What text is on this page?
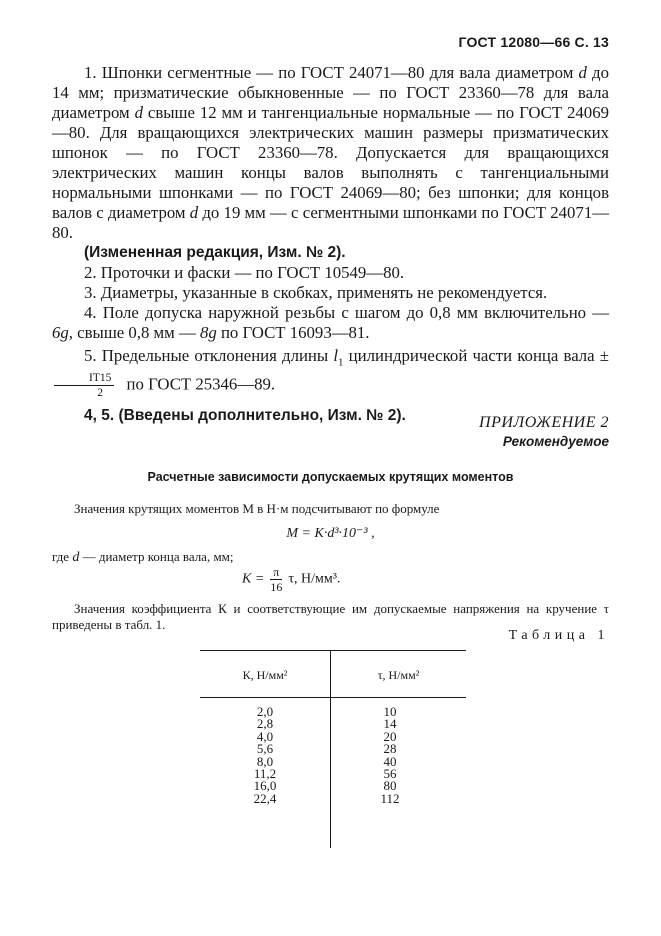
ГОСТ 12080—66 С. 13

1. Шпонки сегментные — по ГОСТ 24071—80 для вала диаметром d до 14 мм; призматические обыкновенные — по ГОСТ 23360—78 для вала диаметром d свыше 12 мм и тангенциальные нормальные — по ГОСТ 24069—80. Для вращающихся электрических машин размеры призматических шпонок — по ГОСТ 23360—78. Допускается для вращающихся электрических машин концы валов выполнять с тангенциальными нормальными шпонками — по ГОСТ 24069—80; без шпонки; для концов валов с диаметром d до 19 мм — с сегментными шпонками по ГОСТ 24071—80.

(Измененная редакция, Изм. № 2).

2. Проточки и фаски — по ГОСТ 10549—80.

3. Диаметры, указанные в скобках, применять не рекомендуется.

4. Поле допуска наружной резьбы с шагом до 0,8 мм включительно — 6g, свыше 0,8 мм — 8g по ГОСТ 16093—81.

5. Предельные отклонения длины $l_1$ цилиндрической части конца вала ±
$\frac{IT15}{2}$ по ГОСТ 25346—89.

4, 5. (Введены дополнительно, Изм. № 2).	ПРИЛОЖЕНИЕ 2
Рекомендуемое
Расчетные зависимости допускаемых крутящих моментов
Значения крутящих моментов М в Н·м подсчитывают по формуле
M = K·d³·10⁻³ ,
где d — диаметр конца вала, мм;
$K = \frac{\pi}{16} \tau$, Н/мм³.
Значения коэффициента К и соответствующие им допускаемые напряжения на кручение τ приведены в табл. 1.
Таблица 1
К, Н/мм²	τ, Н/мм²
2,0
2,8
4,0
5,6
8,0
11,2
16,0
22,4
10
14
20
28
40
56
80
112
